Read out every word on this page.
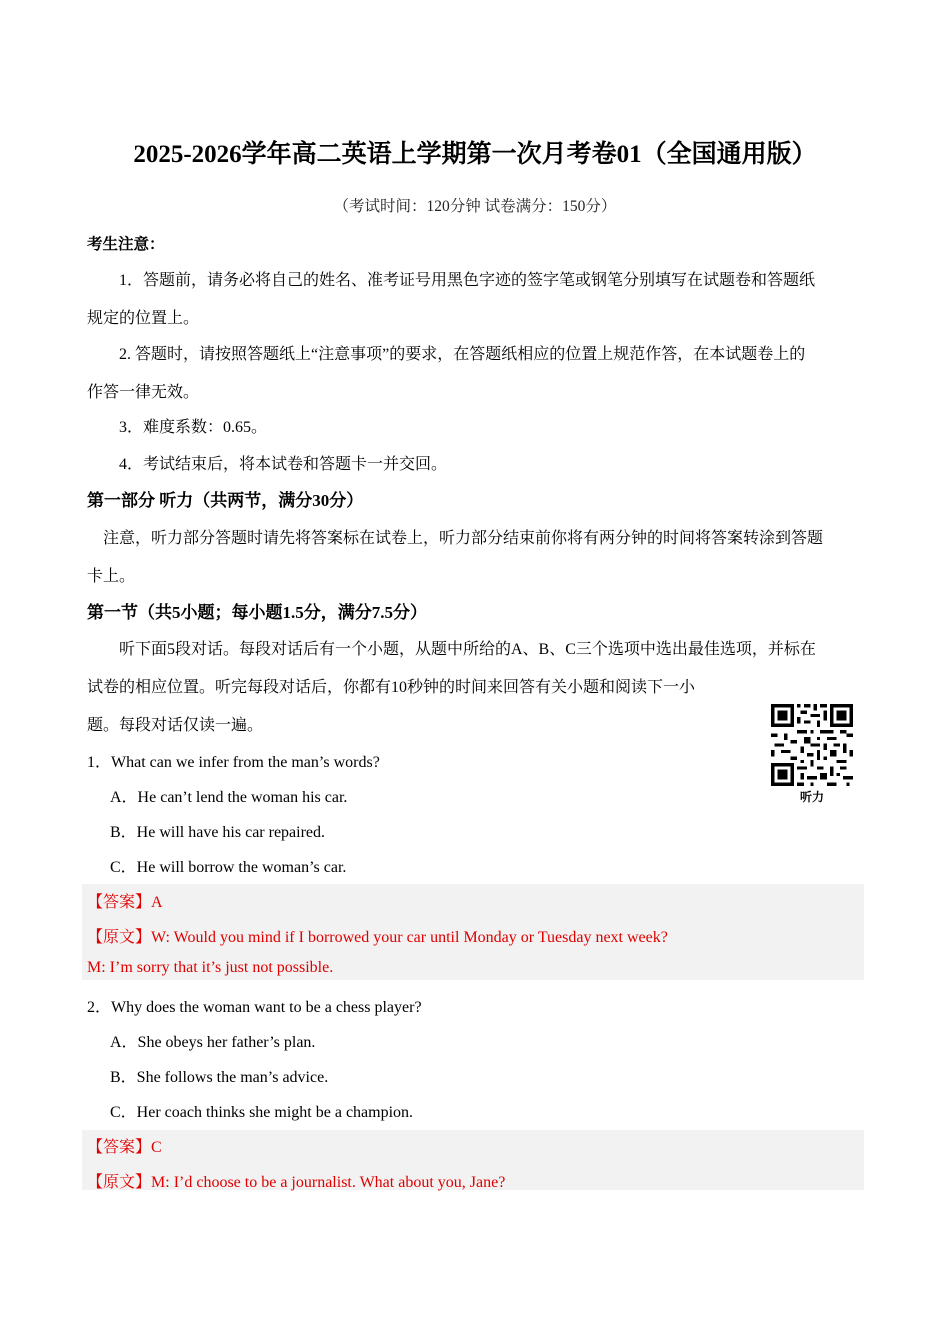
2025-2026学年高二英语上学期第一次月考卷01（全国通用版）
（考试时间：120分钟 试卷满分：150分）
考生注意：
1．答题前，请务必将自己的姓名、准考证号用黑色字迹的签字笔或钢笔分别填写在试题卷和答题纸
规定的位置上。
2. 答题时，请按照答题纸上“注意事项”的要求，在答题纸相应的位置上规范作答，在本试题卷上的
作答一律无效。
3．难度系数：0.65。
4．考试结束后，将本试卷和答题卡一并交回。
第一部分 听力（共两节，满分30分）
注意，听力部分答题时请先将答案标在试卷上，听力部分结束前你将有两分钟的时间将答案转涂到答题
卡上。
第一节（共5小题；每小题1.5分，满分7.5分）
听下面5段对话。每段对话后有一个小题，从题中所给的A、B、C三个选项中选出最佳选项，并标在
试卷的相应位置。听完每段对话后，你都有10秒钟的时间来回答有关小题和阅读下一小
题。每段对话仅读一遍。
听力
1．What can we infer from the man’s words?
A．He can’t lend the woman his car.
B．He will have his car repaired.
C．He will borrow the woman’s car.
【答案】A
【原文】W: Would you mind if I borrowed your car until Monday or Tuesday next week?
M: I’m sorry that it’s just not possible.
2．Why does the woman want to be a chess player?
A．She obeys her father’s plan.
B．She follows the man’s advice.
C．Her coach thinks she might be a champion.
【答案】C
【原文】M: I’d choose to be a journalist. What about you, Jane?
